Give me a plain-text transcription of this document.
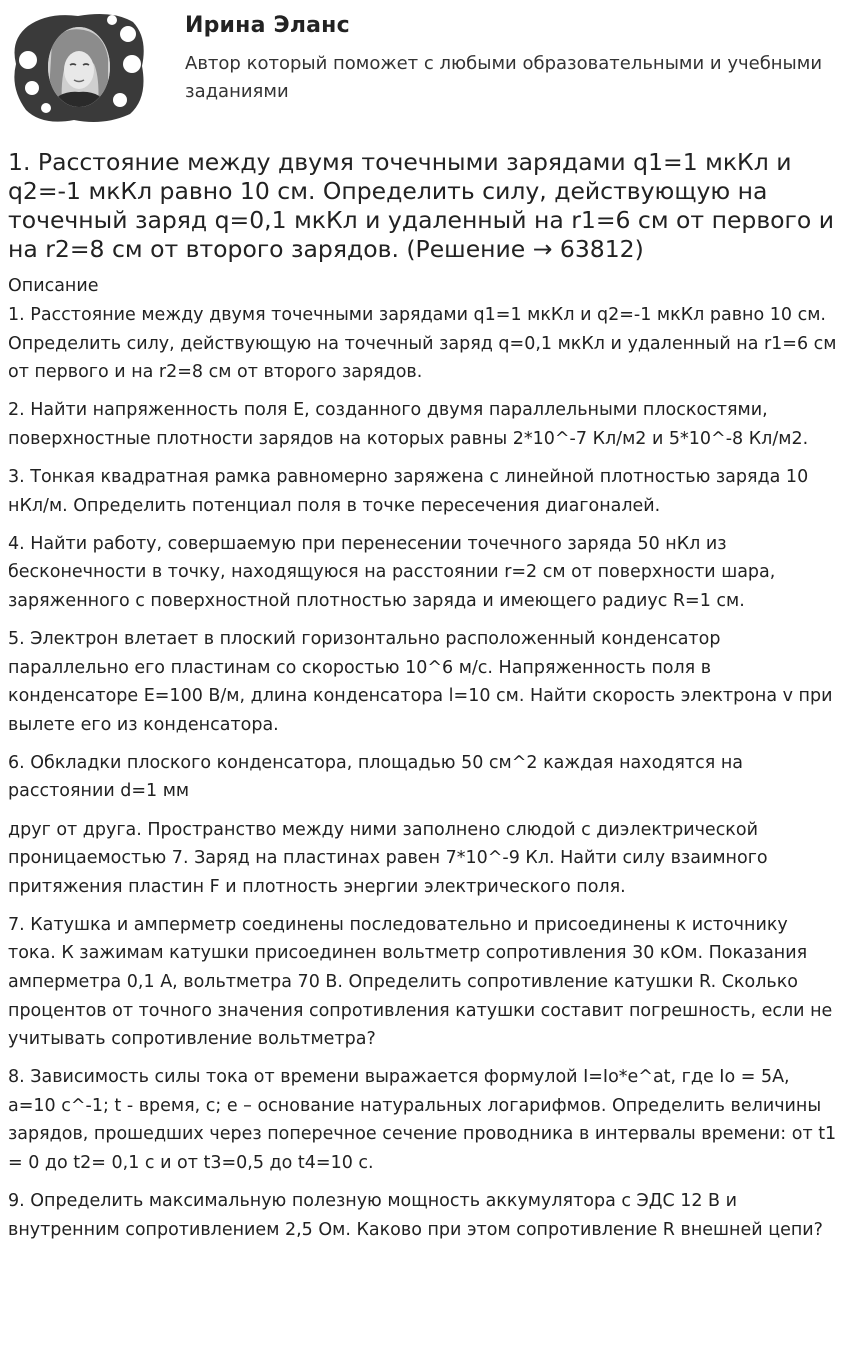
Ирина Эланс
Автор который поможет с любыми образовательными и учебными заданиями
1. Расстояние между двумя точечными зарядами q1=1 мкКл и q2=-1 мкКл равно 10 см. Определить силу, действующую на точечный заряд q=0,1 мкКл и удаленный на r1=6 см от первого и на r2=8 см от второго зарядов. (Решение → 63812)
Описание

1. Расстояние между двумя точечными зарядами q1=1 мкКл и q2=-1 мкКл равно 10 см. Определить силу, действующую на точечный заряд q=0,1 мкКл и удаленный на r1=6 см от первого и на r2=8 см от второго зарядов.

2. Найти напряженность поля E, созданного двумя параллельными плоскостями, поверхностные плотности зарядов на которых равны 2*10^-7 Кл/м2 и 5*10^-8 Кл/м2.

3. Тонкая квадратная рамка равномерно заряжена с линейной плотностью заряда 10 нКл/м. Определить потенциал поля в точке пересечения диагоналей.

4. Найти работу, совершаемую при перенесении точечного заряда 50 нКл из бесконечности в точку, находящуюся на расстоянии r=2 см от поверхности шара, заряженного с поверхностной плотностью заряда и имеющего радиус R=1 см.

5. Электрон влетает в плоский горизонтально расположенный конденсатор параллельно его пластинам со скоростью 10^6 м/с. Напряженность поля в конденсаторе E=100 В/м, длина конденсатора l=10 см. Найти скорость электрона v при вылете его из конденсатора.

6. Обкладки плоского конденсатора, площадью 50 см^2 каждая находятся на расстоянии d=1 мм

друг от друга. Пространство между ними заполнено слюдой с диэлектрической проницаемостью 7. Заряд на пластинах равен 7*10^-9 Кл. Найти силу взаимного притяжения пластин F и плотность энергии электрического поля.

7. Катушка и амперметр соединены последовательно и присоединены к источнику тока. К зажимам катушки присоединен вольтметр сопротивления 30 кОм. Показания амперметра 0,1 А, вольтметра 70 В. Определить сопротивление катушки R. Сколько процентов от точного значения сопротивления катушки составит погрешность, если не учитывать сопротивление вольтметра?

8. Зависимость силы тока от времени выражается формулой I=Io*e^at, где Io = 5А, a=10 c^-1; t - время, с; e – основание натуральных логарифмов. Определить величины зарядов, прошедших через поперечное сечение проводника в интервалы времени: от t1 = 0 до t2= 0,1 с и от t3=0,5 до t4=10 с.

9. Определить максимальную полезную мощность аккумулятора с ЭДС 12 В и внутренним сопротивлением 2,5 Ом. Каково при этом сопротивление R внешней цепи?
